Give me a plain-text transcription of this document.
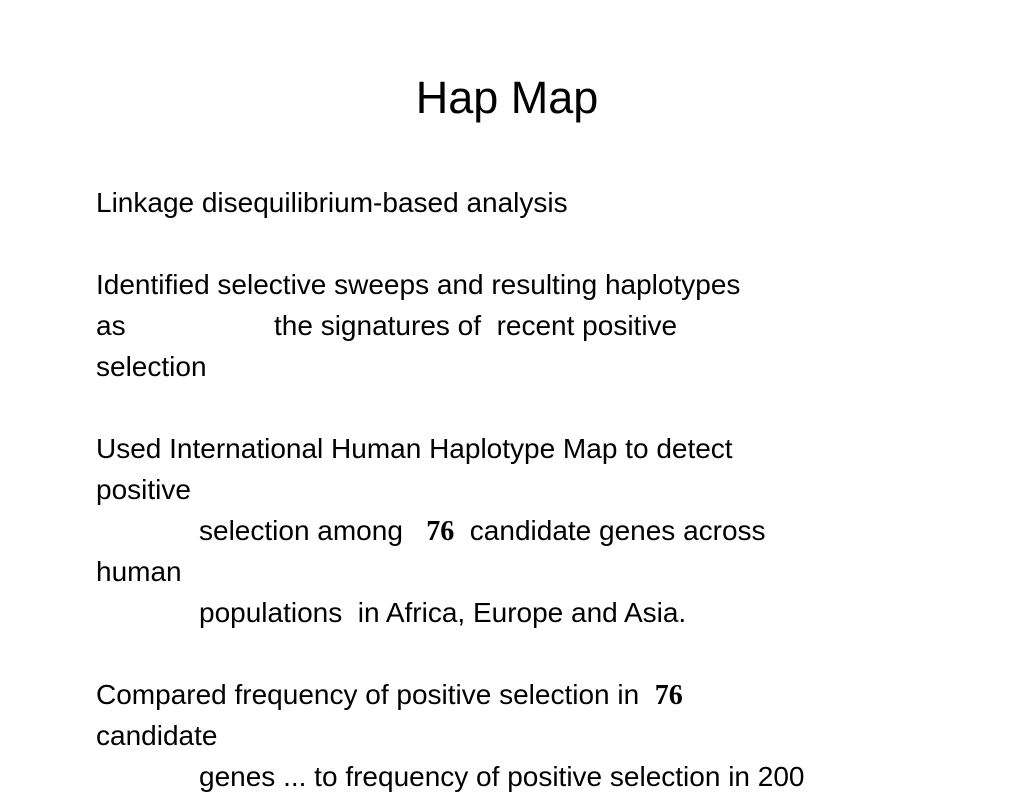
Hap Map
Linkage disequilibrium-based analysis
Identified selective sweeps and resulting haplotypes
as	the signatures of  recent positive
selection
Used International Human Haplotype Map to detect
positive
selection among   76  candidate genes across
human
populations  in Africa, Europe and Asia.
Compared frequency of positive selection in  76
candidate
genes ... to frequency of positive selection in 200
